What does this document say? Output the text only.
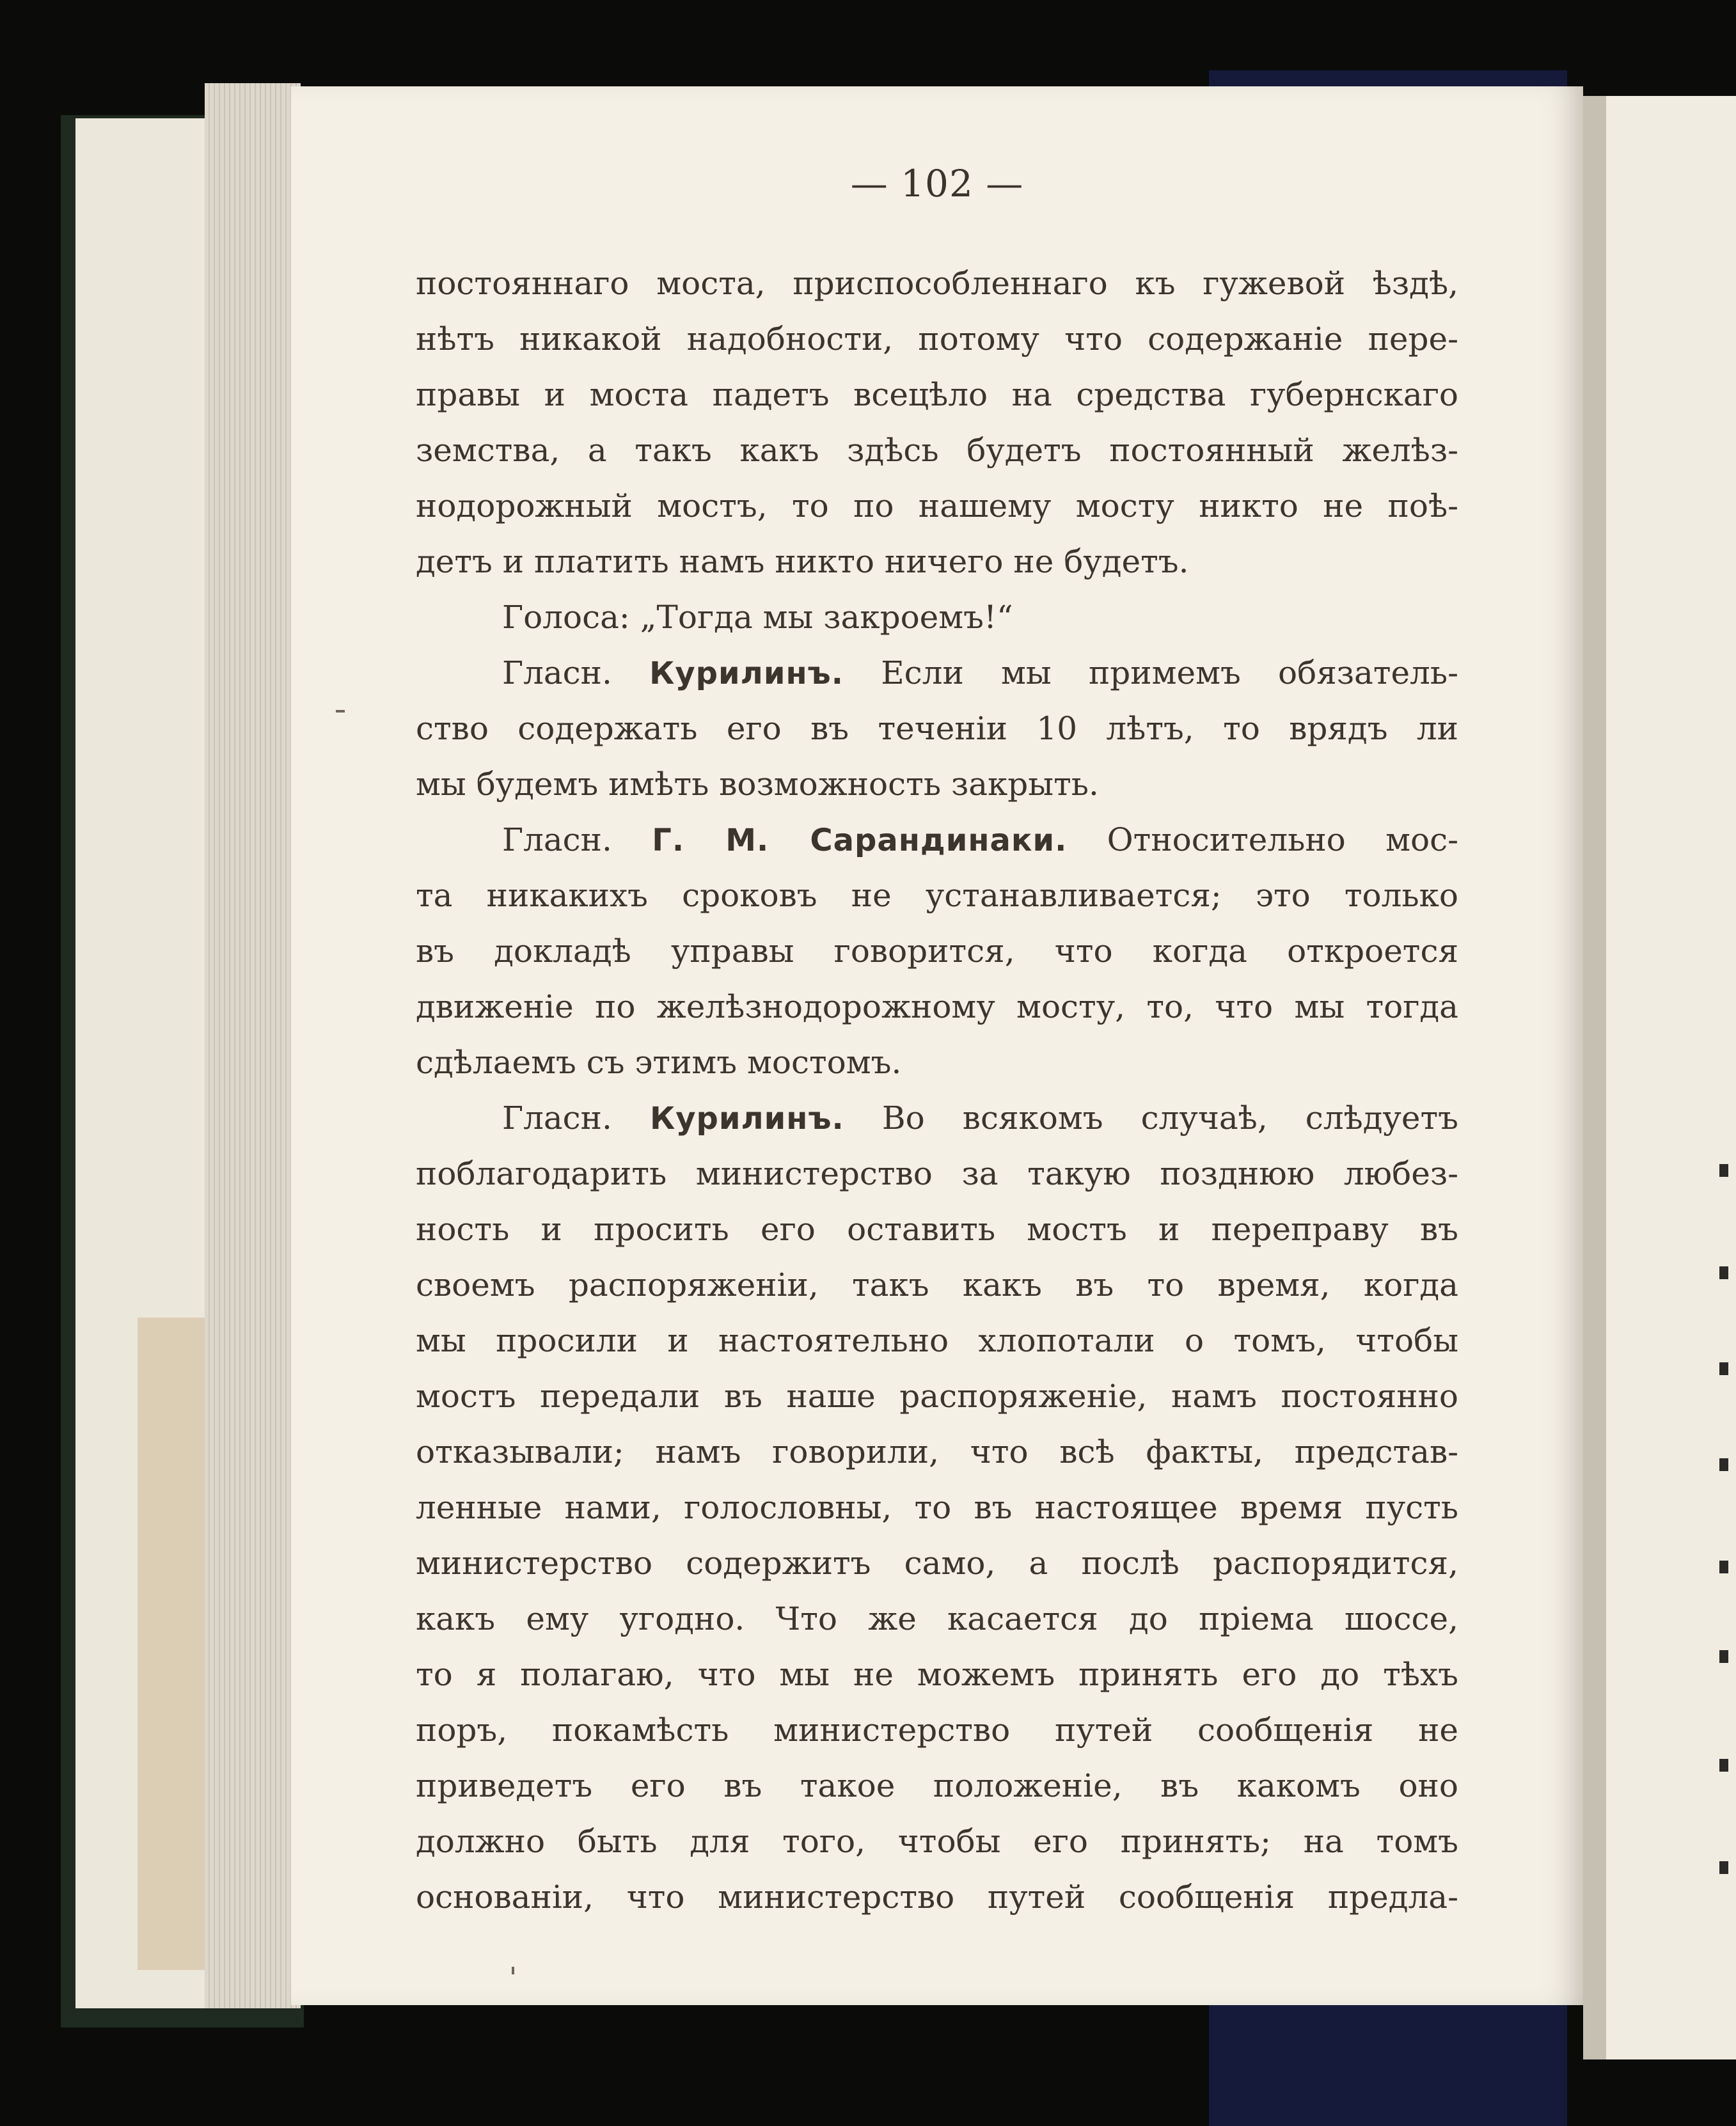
— 102 —
постояннаго моста, приспособленнаго къ гужевой ѣздѣ,
нѣтъ никакой надобности, потому что содержаніе пере-
правы и моста падетъ всецѣло на средства губернскаго
земства, а такъ какъ здѣсь будетъ постоянный желѣз-
нодорожный мостъ, то по нашему мосту никто не поѣ-
детъ и платить намъ никто ничего не будетъ.
Голоса: „Тогда мы закроемъ!“
Гласн. Курилинъ. Если мы примемъ обязатель-
ство содержать его въ теченіи 10 лѣтъ, то врядъ ли
мы будемъ имѣть возможность закрыть.
Гласн. Г. М. Сарандинаки. Относительно мос-
та никакихъ сроковъ не устанавливается; это только
въ докладѣ управы говорится, что когда откроется
движеніе по желѣзнодорожному мосту, то, что мы тогда
сдѣлаемъ съ этимъ мостомъ.
Гласн. Курилинъ. Во всякомъ случаѣ, слѣдуетъ
поблагодарить министерство за такую позднюю любез-
ность и просить его оставить мостъ и переправу въ
своемъ распоряженіи, такъ какъ въ то время, когда
мы просили и настоятельно хлопотали о томъ, чтобы
мостъ передали въ наше распоряженіе, намъ постоянно
отказывали; намъ говорили, что всѣ факты, представ-
ленные нами, голословны, то въ настоящее время пусть
министерство содержитъ само, а послѣ распорядится,
какъ ему угодно. Что же касается до пріема шоссе,
то я полагаю, что мы не можемъ принять его до тѣхъ
поръ, покамѣсть министерство путей сообщенія не
приведетъ его въ такое положеніе, въ какомъ оно
должно быть для того, чтобы его принять; на томъ
основаніи, что министерство путей сообщенія предла-
